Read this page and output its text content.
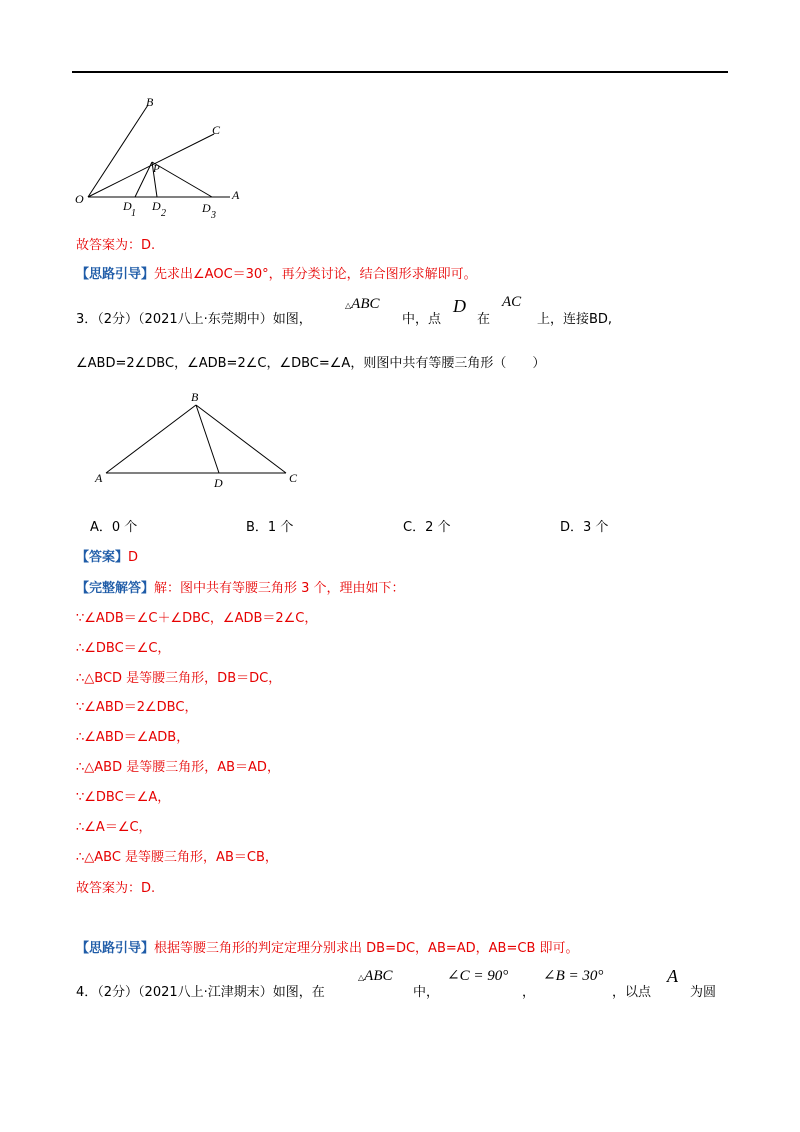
B
C
P
O	A
D
1
D
2	D
3
故答案为：D.
【思路引导】先求出∠AOC＝30°，再分类讨论，结合图形求解即可。
3．（2分）（2021八上·东莞期中）如图，
△ABC
中，点
D
在
AC
上，连接BD,
∠ABD=2∠DBC，∠ADB=2∠C，∠DBC=∠A，则图中共有等腰三角形（　　）
B
A	D	C
A．0 个	B．1 个	C．2 个	D．3 个
【答案】D
【完整解答】解：图中共有等腰三角形 3 个，理由如下：
∵∠ADB＝∠C＋∠DBC，∠ADB＝2∠C，
∴∠DBC＝∠C，
∴△BCD 是等腰三角形，DB＝DC，
∵∠ABD＝2∠DBC，
∴∠ABD＝∠ADB，
∴△ABD 是等腰三角形，AB＝AD，
∵∠DBC＝∠A，
∴∠A＝∠C，
∴△ABC 是等腰三角形，AB＝CB，
故答案为：D.
【思路引导】根据等腰三角形的判定定理分别求出 DB=DC，AB=AD，AB=CB 即可。
4．（2分）（2021八上·江津期末）如图，在
△ABC
中，
∠C = 90°
，
∠B = 30°
，以点
A
为圆
